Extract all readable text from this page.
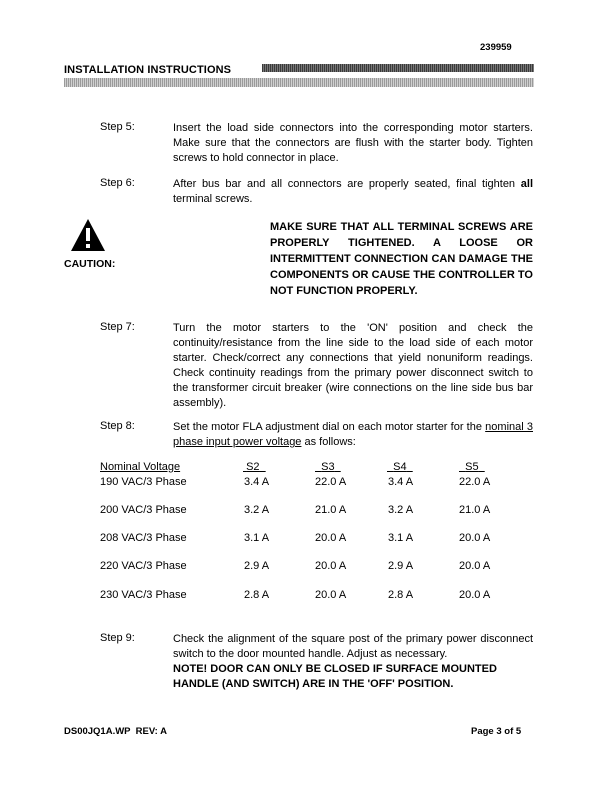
239959
INSTALLATION INSTRUCTIONS
Step 5:	Insert the load side connectors into the corresponding motor starters. Make sure that the connectors are flush with the starter body. Tighten screws to hold connector in place.
Step 6:	After bus bar and all connectors are properly seated, final tighten all terminal screws.
CAUTION:
MAKE SURE THAT ALL TERMINAL SCREWS ARE PROPERLY TIGHTENED. A LOOSE OR INTERMITTENT CONNECTION CAN DAMAGE THE COMPONENTS OR CAUSE THE CONTROLLER TO NOT FUNCTION PROPERLY.
Step 7:	Turn the motor starters to the 'ON' position and check the continuity/resistance from the line side to the load side of each motor starter. Check/correct any connections that yield nonuniform readings. Check continuity readings from the primary power disconnect switch to the transformer circuit breaker (wire connections on the line side bus bar assembly).
Step 8:	Set the motor FLA adjustment dial on each motor starter for the nominal 3 phase input power voltage as follows:
Nominal Voltage	S2	S3	S4	S5
190 VAC/3 Phase	3.4 A	22.0 A	3.4 A	22.0 A
200 VAC/3 Phase	3.2 A	21.0 A	3.2 A	21.0 A
208 VAC/3 Phase	3.1 A	20.0 A	3.1 A	20.0 A
220 VAC/3 Phase	2.9 A	20.0 A	2.9 A	20.0 A
230 VAC/3 Phase	2.8 A	20.0 A	2.8 A	20.0 A
Step 9:	Check the alignment of the square post of the primary power disconnect switch to the door mounted handle. Adjust as necessary.
NOTE! DOOR CAN ONLY BE CLOSED IF SURFACE MOUNTED HANDLE (AND SWITCH) ARE IN THE 'OFF' POSITION.
DS00JQ1A.WP  REV: A	Page 3 of 5
